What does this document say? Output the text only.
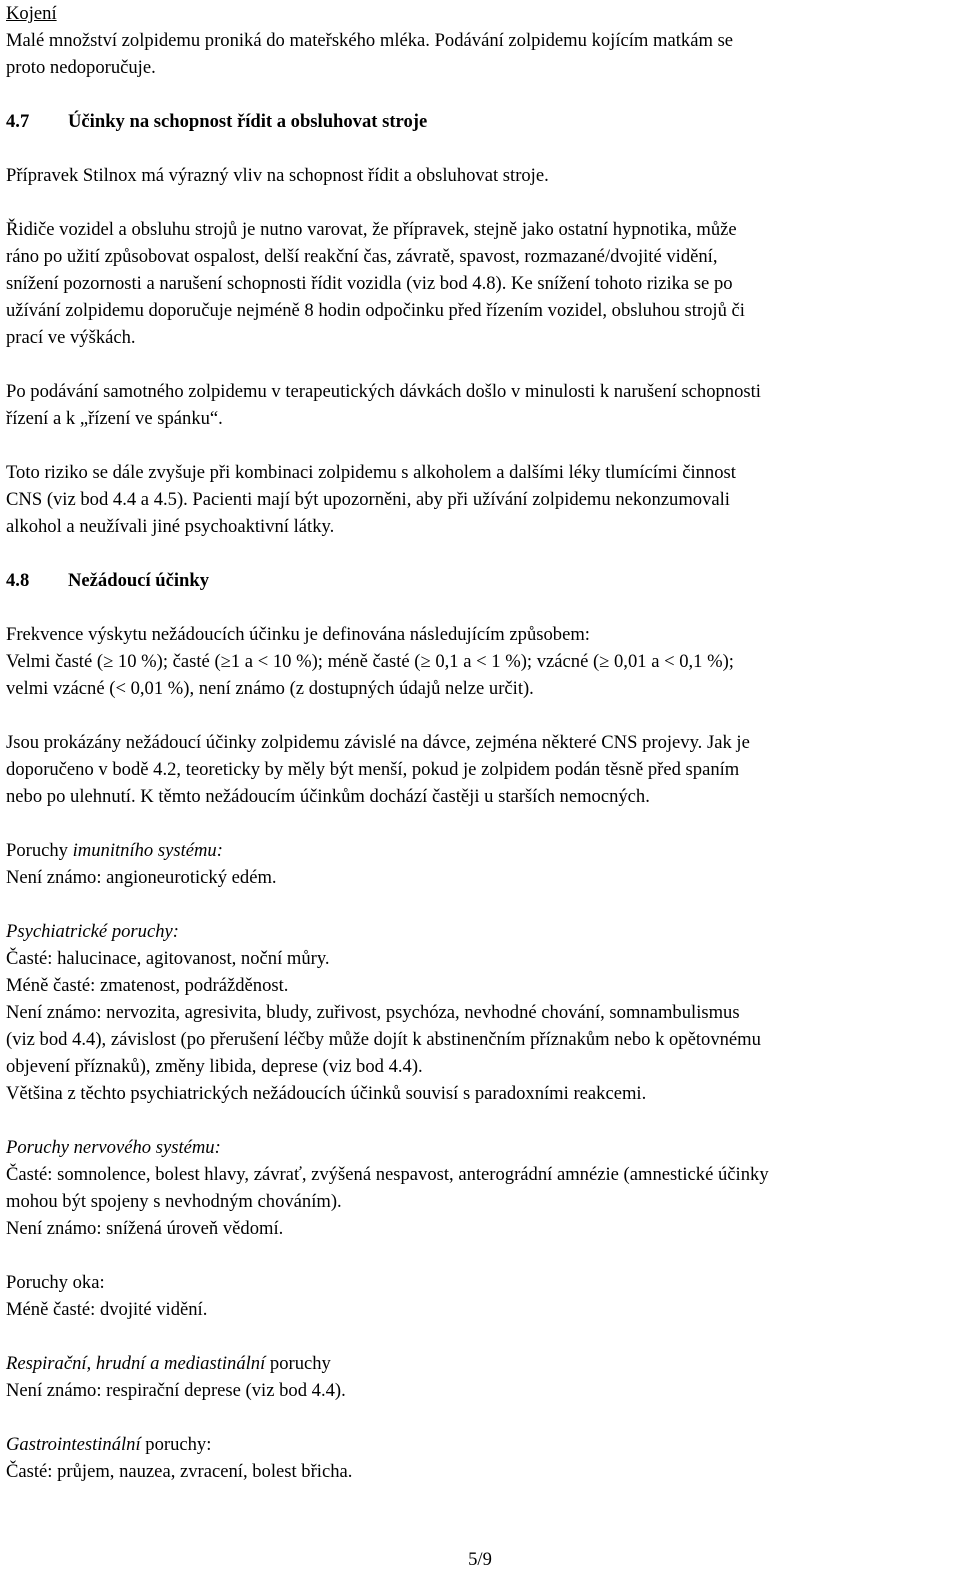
Kojení
Malé množství zolpidemu proniká do mateřského mléka. Podávání zolpidemu kojícím matkám se
proto nedoporučuje.
4.7 Účinky na schopnost řídit a obsluhovat stroje
Přípravek Stilnox má výrazný vliv na schopnost řídit a obsluhovat stroje.
Řidiče vozidel a obsluhu strojů je nutno varovat, že přípravek, stejně jako ostatní hypnotika, může
ráno po užití způsobovat ospalost, delší reakční čas, závratě, spavost, rozmazané/dvojité vidění,
snížení pozornosti a narušení schopnosti řídit vozidla (viz bod 4.8). Ke snížení tohoto rizika se po
užívání zolpidemu doporučuje nejméně 8 hodin odpočinku před řízením vozidel, obsluhou strojů či
prací ve výškách.
Po podávání samotného zolpidemu v terapeutických dávkách došlo v minulosti k narušení schopnosti
řízení a k „řízení ve spánku“.
Toto riziko se dále zvyšuje při kombinaci zolpidemu s alkoholem a dalšími léky tlumícími činnost
CNS (viz bod 4.4 a 4.5). Pacienti mají být upozorněni, aby při užívání zolpidemu nekonzumovali
alkohol a neužívali jiné psychoaktivní látky.
4.8 Nežádoucí účinky
Frekvence výskytu nežádoucích účinku je definována následujícím způsobem:
Velmi časté (≥ 10 %); časté (≥1 a < 10 %); méně časté (≥ 0,1 a < 1 %); vzácné (≥ 0,01 a < 0,1 %);
velmi vzácné (< 0,01 %), není známo (z dostupných údajů nelze určit).
Jsou prokázány nežádoucí účinky zolpidemu závislé na dávce, zejména některé CNS projevy. Jak je
doporučeno v bodě 4.2, teoreticky by měly být menší, pokud je zolpidem podán těsně před spaním
nebo po ulehnutí. K těmto nežádoucím účinkům dochází častěji u starších nemocných.
Poruchy imunitního systému:
Není známo: angioneurotický edém.
Psychiatrické poruchy:
Časté: halucinace, agitovanost, noční můry.
Méně časté: zmatenost, podrážděnost.
Není známo: nervozita, agresivita, bludy, zuřivost, psychóza, nevhodné chování, somnambulismus
(viz bod 4.4), závislost (po přerušení léčby může dojít k abstinenčním příznakům nebo k opětovnému
objevení příznaků), změny libida, deprese (viz bod 4.4).
Většina z těchto psychiatrických nežádoucích účinků souvisí s paradoxními reakcemi.
Poruchy nervového systému:
Časté: somnolence, bolest hlavy, závrať, zvýšená nespavost, anterográdní amnézie (amnestické účinky
mohou být spojeny s nevhodným chováním).
Není známo: snížená úroveň vědomí.
Poruchy oka:
Méně časté: dvojité vidění.
Respirační, hrudní a mediastinální poruchy
Není známo: respirační deprese (viz bod 4.4).
Gastrointestinální poruchy:
Časté: průjem, nauzea, zvracení, bolest břicha.
5/9
